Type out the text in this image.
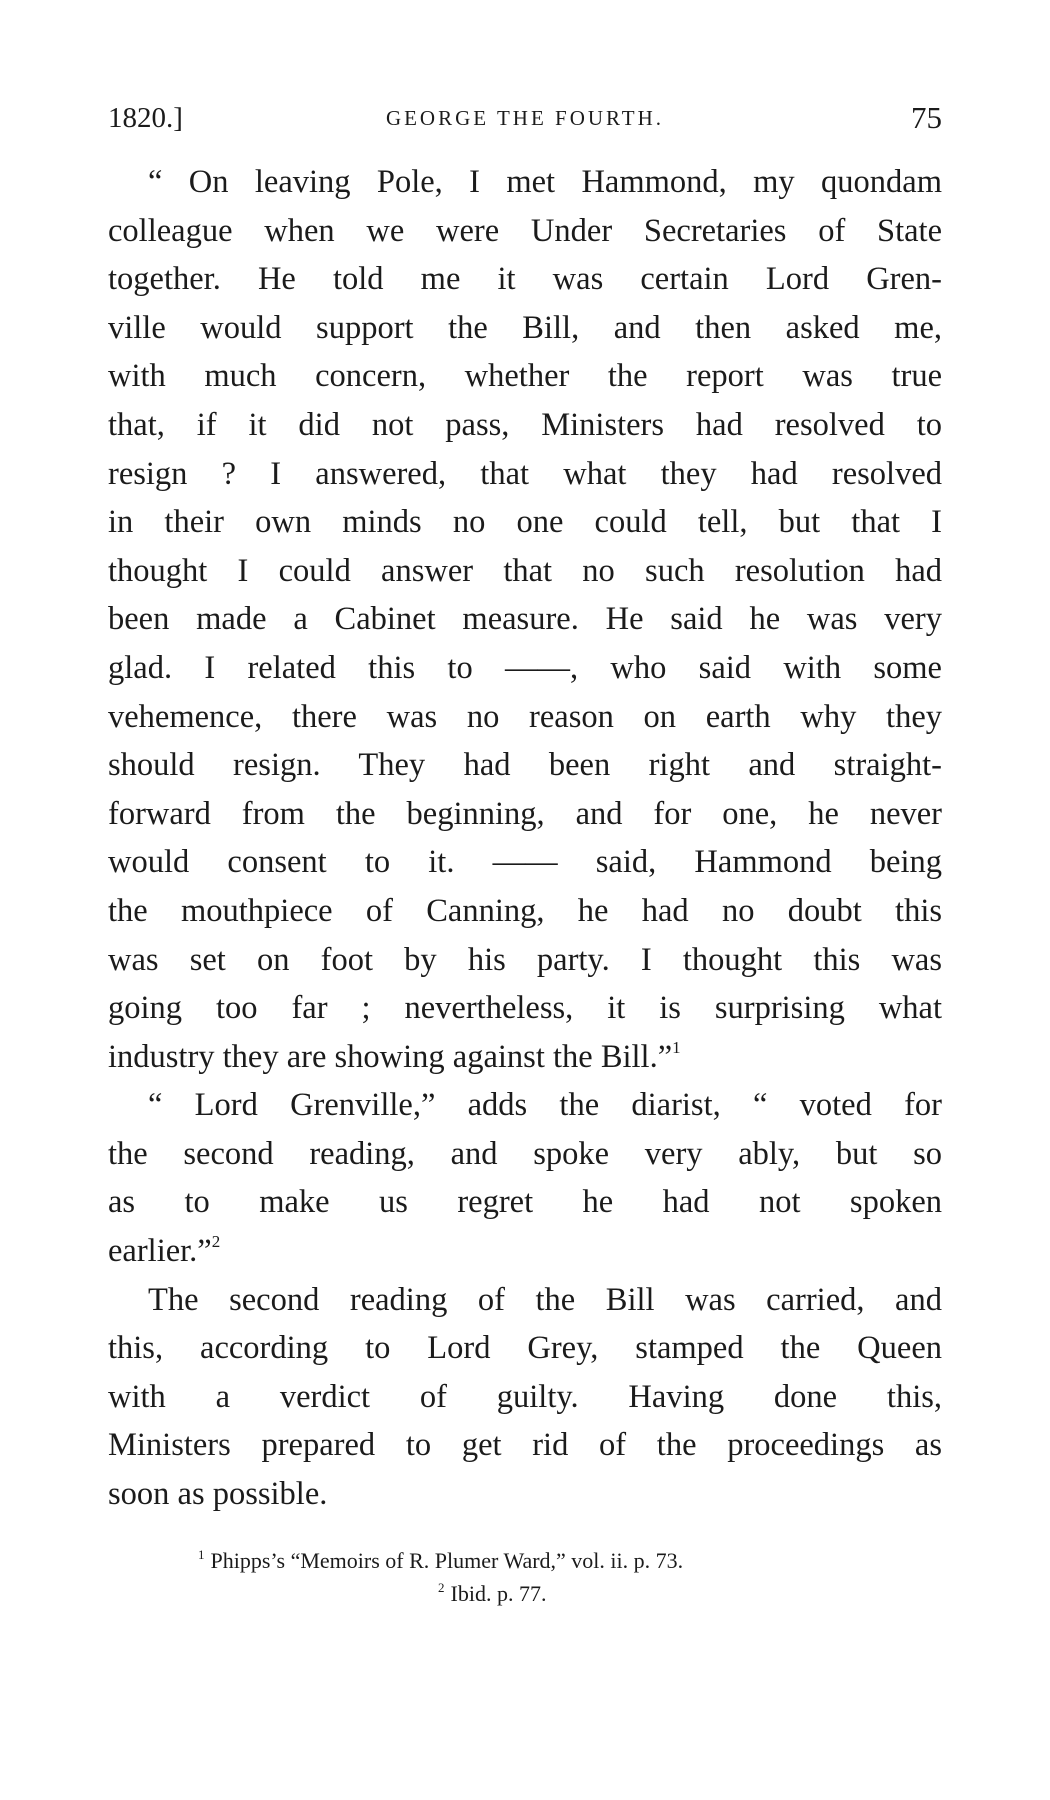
1820.]	GEORGE THE FOURTH.	75
“ On leaving Pole, I met Hammond, my quondam
colleague when we were Under Secretaries of State
together. He told me it was certain Lord Gren-
ville would support the Bill, and then asked me,
with much concern, whether the report was true
that, if it did not pass, Ministers had resolved to
resign ? I answered, that what they had resolved
in their own minds no one could tell, but that I
thought I could answer that no such resolution had
been made a Cabinet measure. He said he was very
glad. I related this to ——, who said with some
vehemence, there was no reason on earth why they
should resign. They had been right and straight-
forward from the beginning, and for one, he never
would consent to it. —— said, Hammond being
the mouthpiece of Canning, he had no doubt this
was set on foot by his party. I thought this was
going too far ; nevertheless, it is surprising what
industry they are showing against the Bill.”$^1$
“ Lord Grenville,” adds the diarist, “ voted for
the second reading, and spoke very ably, but so
as to make us regret he had not spoken
earlier.”$^2$
The second reading of the Bill was carried, and
this, according to Lord Grey, stamped the Queen
with a verdict of guilty. Having done this,
Ministers prepared to get rid of the proceedings as
soon as possible.
$^1$ Phipps’s “Memoirs of R. Plumer Ward,” vol. ii. p. 73.
$^2$ Ibid. p. 77.
